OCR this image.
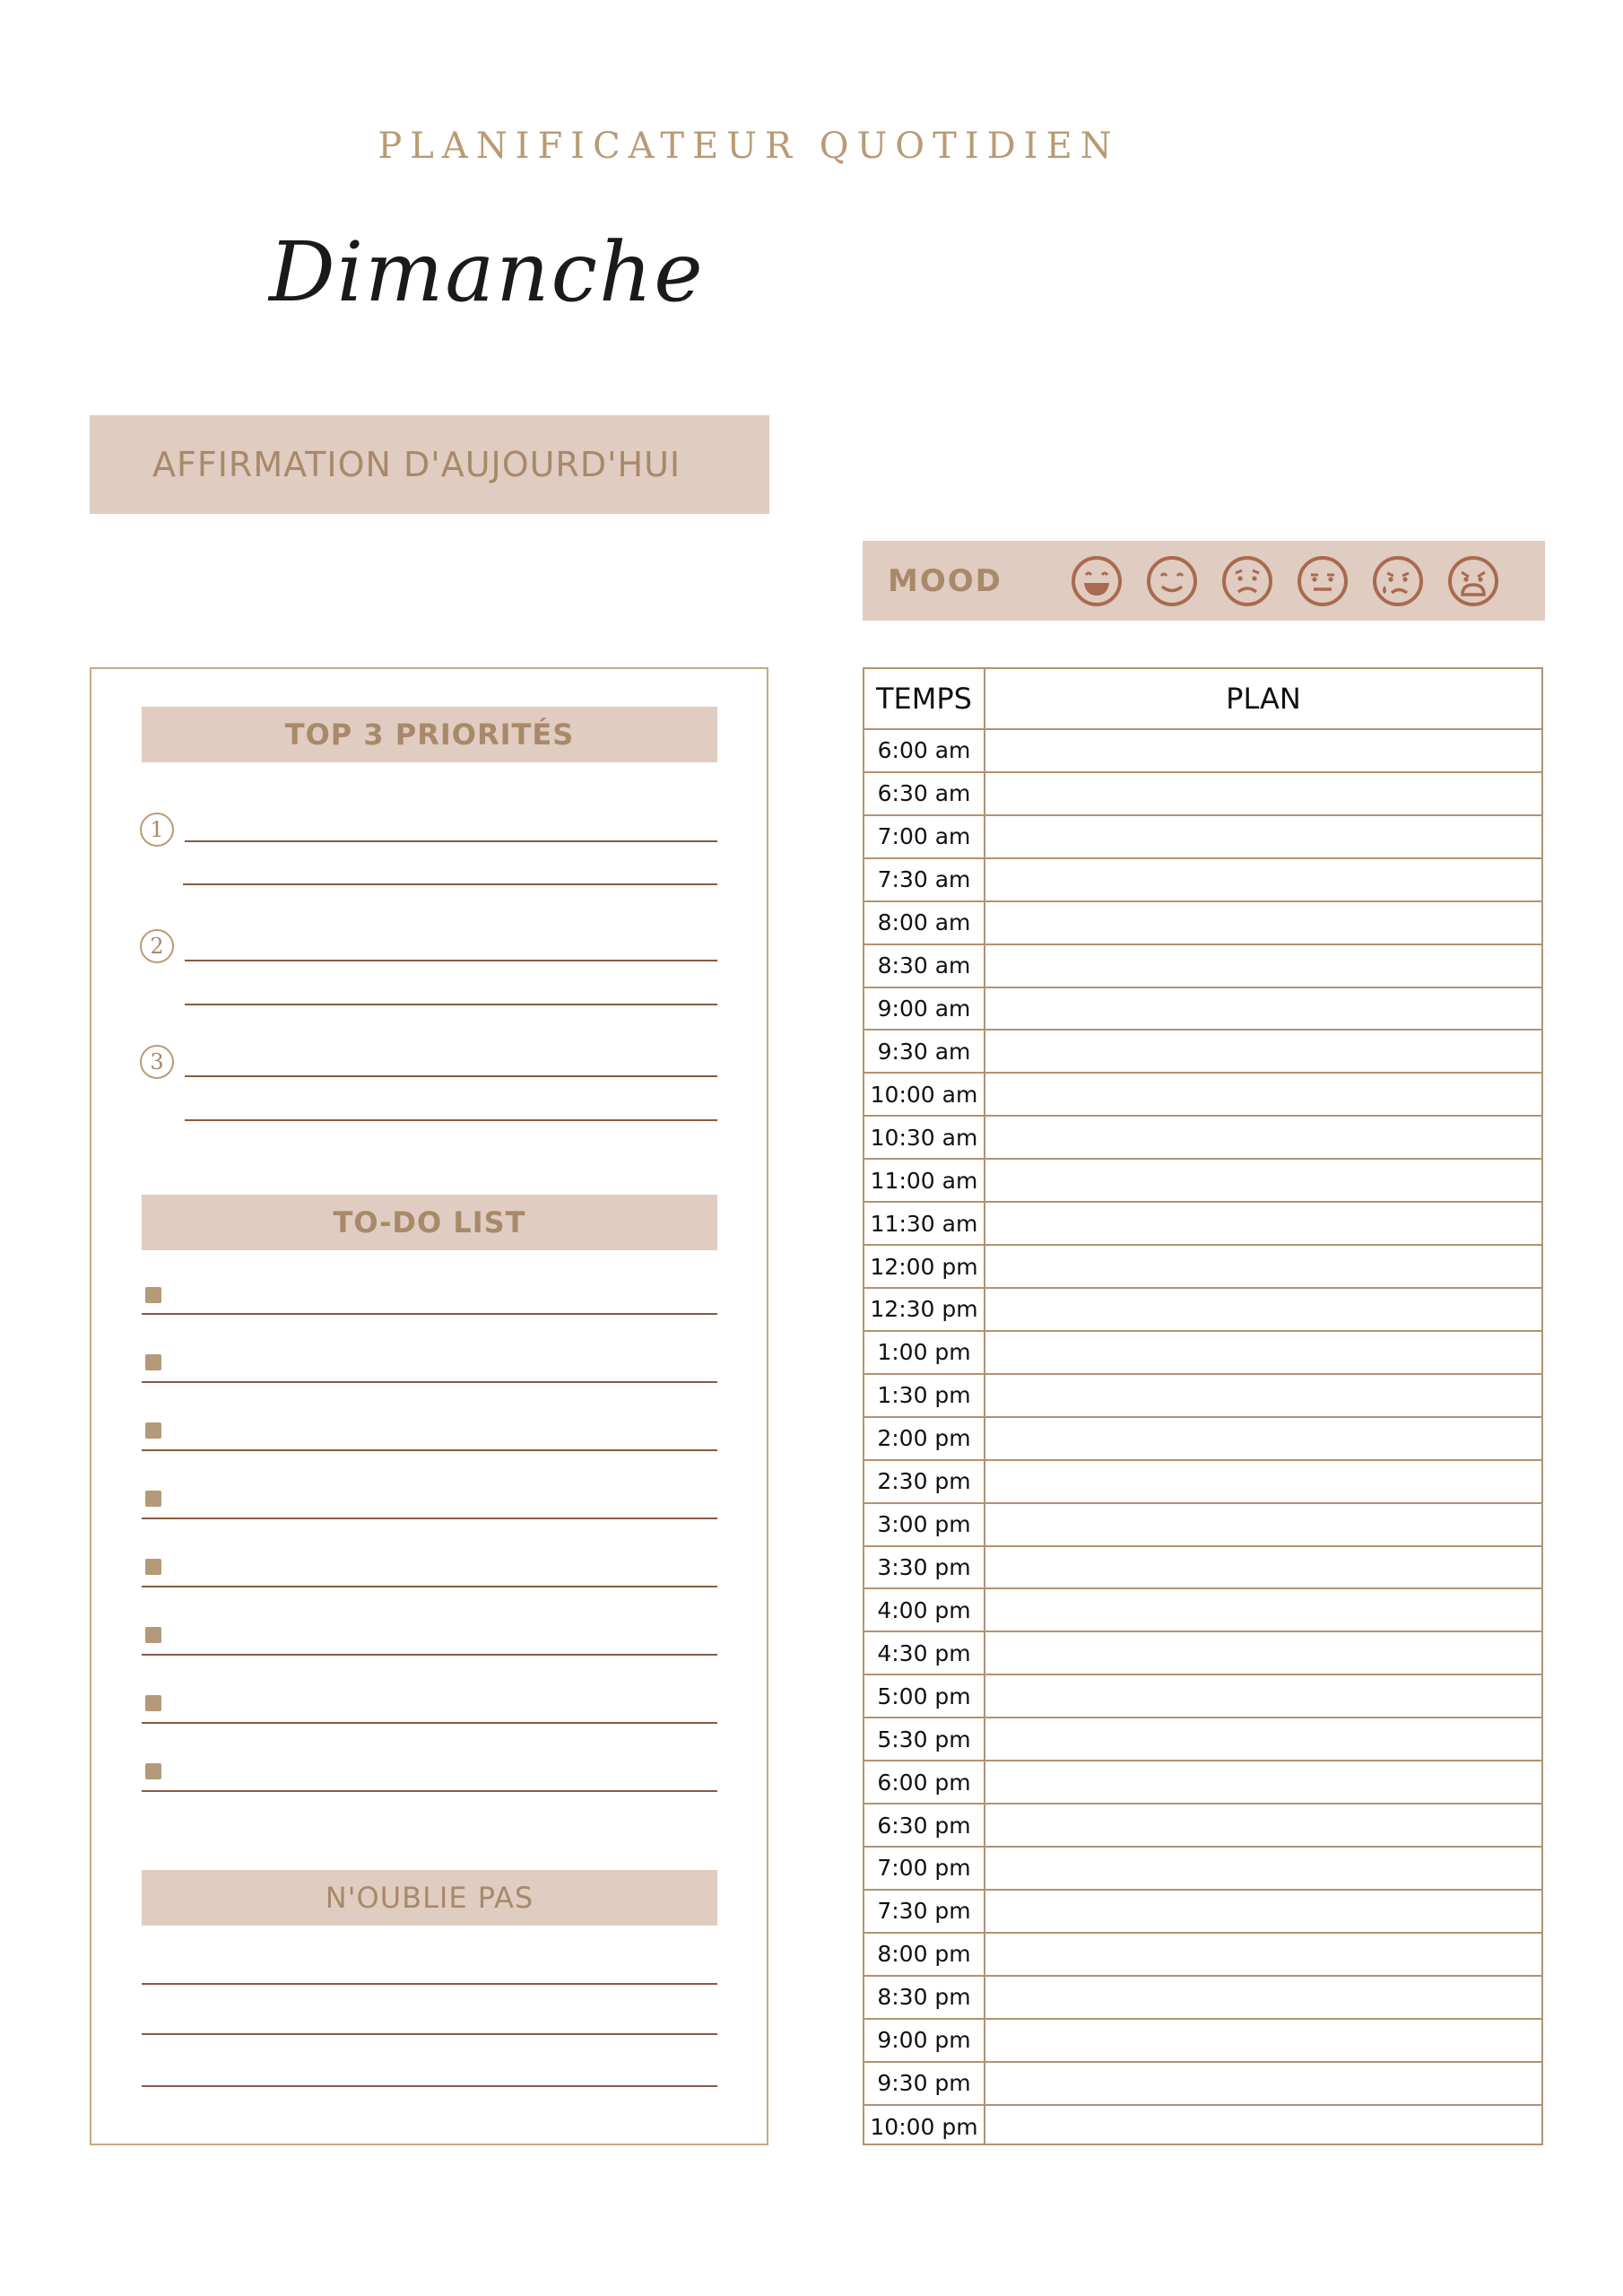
PLANIFICATEUR QUOTIDIEN
Dimanche
AFFIRMATION D'AUJOURD'HUI
MOOD
TOP 3 PRIORITÉS
1
2
3
TO-DO LIST
N'OUBLIE PAS
TEMPS	PLAN
6:00 am
6:30 am
7:00 am
7:30 am
8:00 am
8:30 am
9:00 am
9:30 am
10:00 am
10:30 am
11:00 am
11:30 am
12:00 pm
12:30 pm
1:00 pm
1:30 pm
2:00 pm
2:30 pm
3:00 pm
3:30 pm
4:00 pm
4:30 pm
5:00 pm
5:30 pm
6:00 pm
6:30 pm
7:00 pm
7:30 pm
8:00 pm
8:30 pm
9:00 pm
9:30 pm
10:00 pm
